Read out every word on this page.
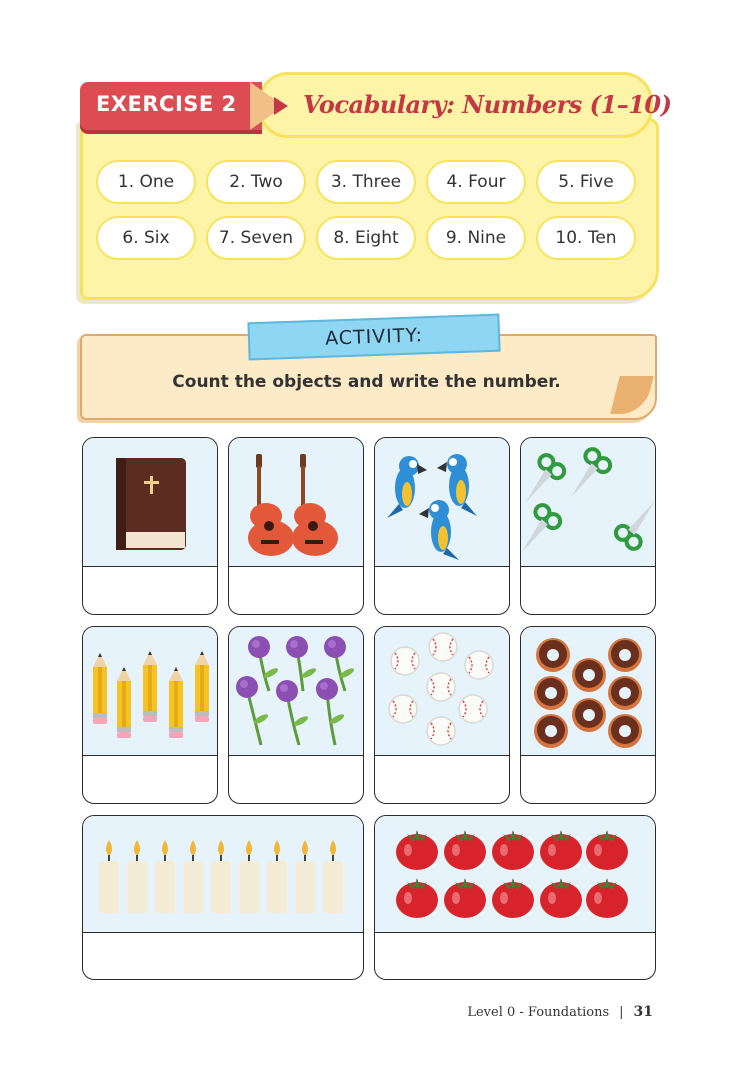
Vocabulary: Numbers (1–10)
EXERCISE 2
1. One	2. Two	3. Three	4. Four	5. Five
6. Six	7. Seven	8. Eight	9. Nine	10. Ten
ACTIVITY:
Count the objects and write the number.
Level 0 - Foundations | 31
